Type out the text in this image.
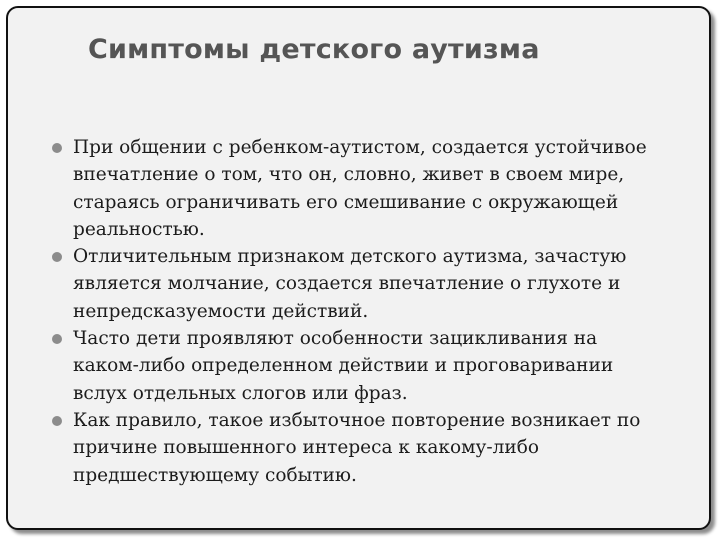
Симптомы детского аутизма
При общении с ребенком-аутистом, создается устойчивое
впечатление о том, что он, словно, живет в своем мире,
стараясь ограничивать его смешивание с окружающей
реальностью.
Отличительным признаком детского аутизма, зачастую
является молчание, создается впечатление о глухоте и
непредсказуемости действий.
Часто дети проявляют особенности зацикливания на
каком-либо определенном действии и проговаривании
вслух отдельных слогов или фраз.
Как правило, такое избыточное повторение возникает по
причине повышенного интереса к какому-либо
предшествующему событию.
